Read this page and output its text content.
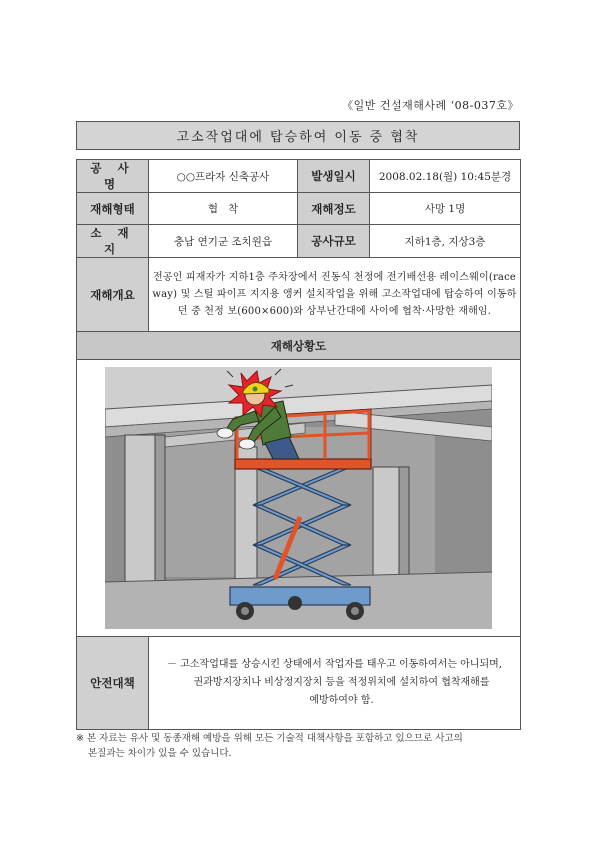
《일반 건설재해사례 ‘08-037호》
고소작업대에 탑승하여 이동 중 협착
공 사 명	○○프라자 신축공사	발생일시	2008.02.18(월) 10:45분경
재해형태	협   착	재해정도	사망 1명
소 재 지	충남 연기군 조치원읍	공사규모	지하1층, 지상3층
재해개요	전공인 피재자가 지하1층 주차장에서 진동식 천정에 전기배선용 레이스웨이(race way) 및 스틸 파이프 지지용 앵커 설치작업을 위해 고소작업대에 탑승하여 이동하던 중 천정 보(600×600)와 상부난간대에 사이에 협착·사망한 재해임.		
재해상황도			

안전대책	－ 고소작업대를 상승시킨 상태에서 작업자를 태우고 이동하여서는 아니되며,
권과방지장치나 비상정지장치 등을 적정위치에 설치하여 협착재해를
예방하여야 함.		
※ 본 자료는 유사 및 동종재해 예방을 위해 모든 기술적 대책사항을 포함하고 있으므로 사고의
본질과는 차이가 있을 수 있습니다.
